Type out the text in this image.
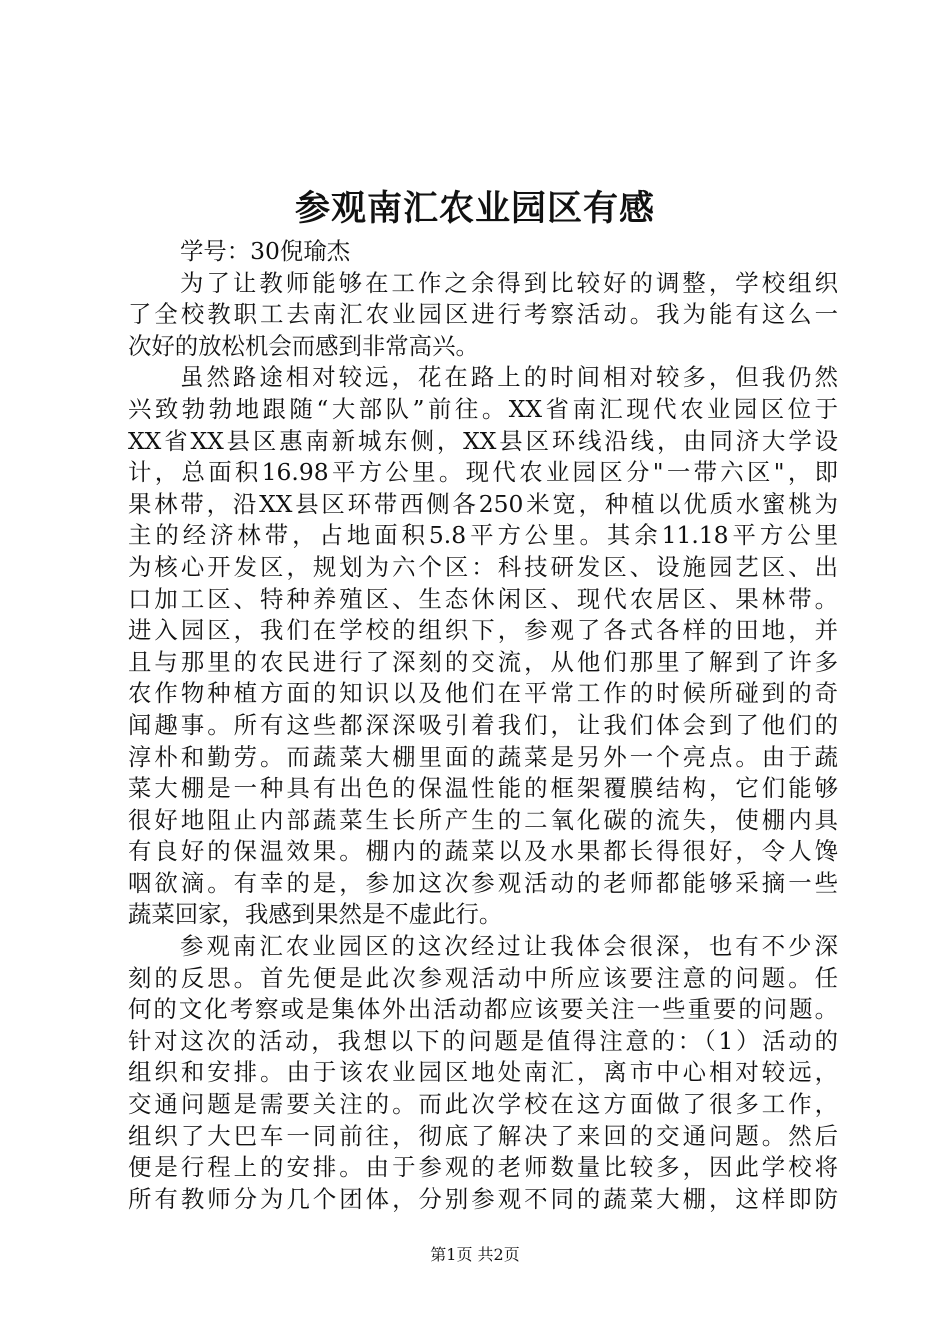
参观南汇农业园区有感
学号：30倪瑜杰
为了让教师能够在工作之余得到比较好的调整，学校组织
了全校教职工去南汇农业园区进行考察活动。我为能有这么一
次好的放松机会而感到非常高兴。
虽然路途相对较远，花在路上的时间相对较多，但我仍然
兴致勃勃地跟随“大部队”前往。XX省南汇现代农业园区位于
XX省XX县区惠南新城东侧，XX县区环线沿线，由同济大学设
计，总面积16.98平方公里。现代农业园区分"一带六区"，即
果林带，沿XX县区环带西侧各250米宽，种植以优质水蜜桃为
主的经济林带，占地面积5.8平方公里。其余11.18平方公里
为核心开发区，规划为六个区：科技研发区、设施园艺区、出
口加工区、特种养殖区、生态休闲区、现代农居区、果林带。
进入园区，我们在学校的组织下，参观了各式各样的田地，并
且与那里的农民进行了深刻的交流，从他们那里了解到了许多
农作物种植方面的知识以及他们在平常工作的时候所碰到的奇
闻趣事。所有这些都深深吸引着我们，让我们体会到了他们的
淳朴和勤劳。而蔬菜大棚里面的蔬菜是另外一个亮点。由于蔬
菜大棚是一种具有出色的保温性能的框架覆膜结构，它们能够
很好地阻止内部蔬菜生长所产生的二氧化碳的流失，使棚内具
有良好的保温效果。棚内的蔬菜以及水果都长得很好，令人馋
咽欲滴。有幸的是，参加这次参观活动的老师都能够采摘一些
蔬菜回家，我感到果然是不虚此行。
参观南汇农业园区的这次经过让我体会很深，也有不少深
刻的反思。首先便是此次参观活动中所应该要注意的问题。任
何的文化考察或是集体外出活动都应该要关注一些重要的问题。
针对这次的活动，我想以下的问题是值得注意的：（1）活动的
组织和安排。由于该农业园区地处南汇，离市中心相对较远，
交通问题是需要关注的。而此次学校在这方面做了很多工作，
组织了大巴车一同前往，彻底了解决了来回的交通问题。然后
便是行程上的安排。由于参观的老师数量比较多，因此学校将
所有教师分为几个团体，分别参观不同的蔬菜大棚，这样即防
第1页 共2页
